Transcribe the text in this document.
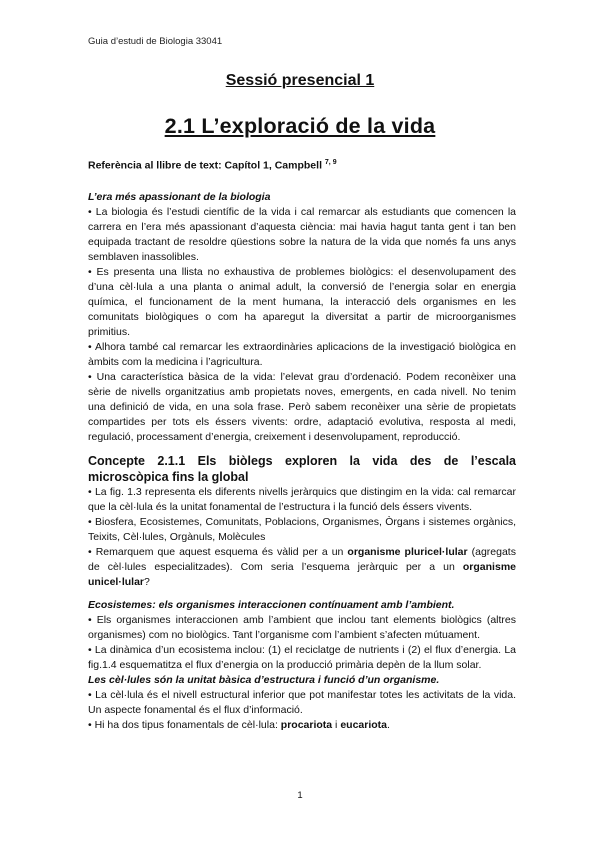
Guia d’estudi de Biologia 33041
Sessió presencial 1
2.1 L’exploració de la vida

Referència al llibre de text: Capítol 1, Campbell $^{7, 9}$

L’era més apassionant de la biologia

• La biologia és l’estudi científic de la vida i cal remarcar als estudiants que comencen la carrera en l’era més apassionant d’aquesta ciència: mai havia hagut tanta gent i tan ben equipada tractant de resoldre qüestions sobre la natura de la vida que només fa uns anys semblaven inassolibles.

• Es presenta una llista no exhaustiva de problemes biològics: el desenvolupament des d’una cèl·lula a una planta o animal adult, la conversió de l’energia solar en energia química, el funcionament de la ment humana, la interacció dels organismes en les comunitats biològiques o com ha aparegut la diversitat a partir de microorganismes primitius.

• Alhora també cal remarcar les extraordinàries aplicacions de la investigació biològica en àmbits com la medicina i l’agricultura.

• Una característica bàsica de la vida: l’elevat grau d’ordenació. Podem reconèixer una sèrie de nivells organitzatius amb propietats noves, emergents, en cada nivell. No tenim una definició de vida, en una sola frase. Però sabem reconèixer una sèrie de propietats compartides per tots els éssers vivents: ordre, adaptació evolutiva, resposta al medi, regulació, processament d’energia, creixement i desenvolupament, reproducció.

Concepte 2.1.1 Els biòlegs exploren la vida des de l’escala microscòpica fins la global

• La fig. 1.3 representa els diferents nivells jeràrquics que distingim en la vida: cal remarcar que la cèl·lula és la unitat fonamental de l’estructura i la funció dels éssers vivents.

• Biosfera, Ecosistemes, Comunitats, Poblacions, Organismes, Òrgans i sistemes orgànics, Teixits, Cèl·lules, Orgànuls, Molècules

• Remarquem que aquest esquema és vàlid per a un organisme pluricel·lular (agregats de cèl·lules especialitzades). Com seria l’esquema jeràrquic per a un organisme unicel·lular?

Ecosistemes: els organismes interaccionen contínuament amb l’ambient.

• Els organismes interaccionen amb l’ambient que inclou tant elements biològics (altres organismes) com no biològics. Tant l’organisme com l’ambient s’afecten mútuament.

• La dinàmica d’un ecosistema inclou: (1) el reciclatge de nutrients i (2) el flux d’energia. La fig.1.4 esquematitza el flux d’energia on la producció primària depèn de la llum solar.

Les cèl·lules són la unitat bàsica d’estructura i funció d’un organisme.

• La cèl·lula és el nivell estructural inferior que pot manifestar totes les activitats de la vida. Un aspecte fonamental és el flux d’informació.

• Hi ha dos tipus fonamentals de cèl·lula: procariota i eucariota.

1
